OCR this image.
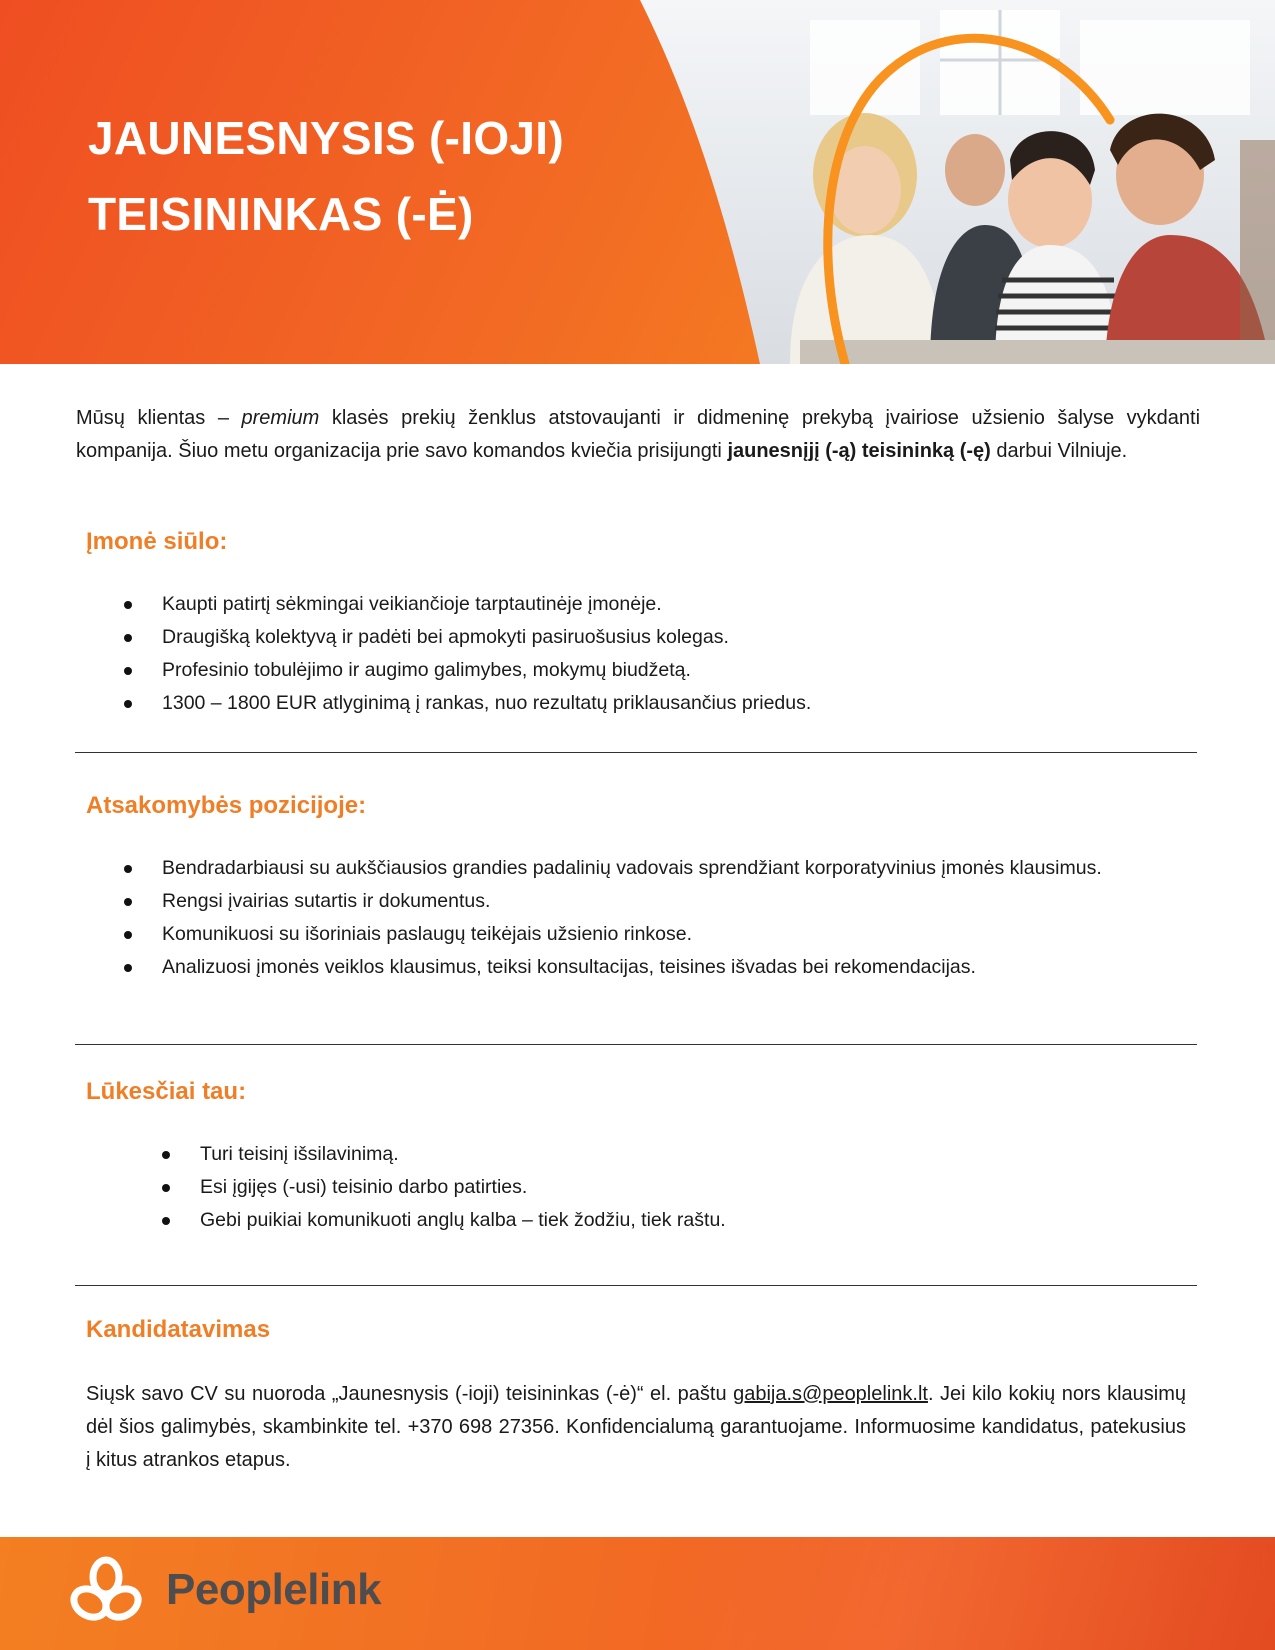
JAUNESNYSIS (-IOJI)
TEISININKAS (-Ė)

Mūsų klientas – premium klasės prekių ženklus atstovaujanti ir didmeninę prekybą įvairiose užsienio šalyse vykdanti kompanija. Šiuo metu organizacija prie savo komandos kviečia prisijungti jaunesnįjį (-ą) teisininką (-ę) darbui Vilniuje.

Įmonė siūlo:
Kaupti patirtį sėkmingai veikiančioje tarptautinėje įmonėje.
Draugišką kolektyvą ir padėti bei apmokyti pasiruošusius kolegas.
Profesinio tobulėjimo ir augimo galimybes, mokymų biudžetą.
1300 – 1800 EUR atlyginimą į rankas, nuo rezultatų priklausančius priedus.
Atsakomybės pozicijoje:
Bendradarbiausi su aukščiausios grandies padalinių vadovais sprendžiant korporatyvinius įmonės klausimus.
Rengsi įvairias sutartis ir dokumentus.
Komunikuosi su išoriniais paslaugų teikėjais užsienio rinkose.
Analizuosi įmonės veiklos klausimus, teiksi konsultacijas, teisines išvadas bei rekomendacijas.
Lūkesčiai tau:
Turi teisinį išsilavinimą.
Esi įgijęs (-usi) teisinio darbo patirties.
Gebi puikiai komunikuoti anglų kalba – tiek žodžiu, tiek raštu.
Kandidatavimas

Siųsk savo CV su nuoroda „Jaunesnysis (-ioji) teisininkas (-ė)“ el. paštu gabija.s@peoplelink.lt. Jei kilo kokių nors klausimų dėl šios galimybės, skambinkite tel. +370 698 27356. Konfidencialumą garantuojame. Informuosime kandidatus, patekusius į kitus atrankos etapus.

Peoplelink
